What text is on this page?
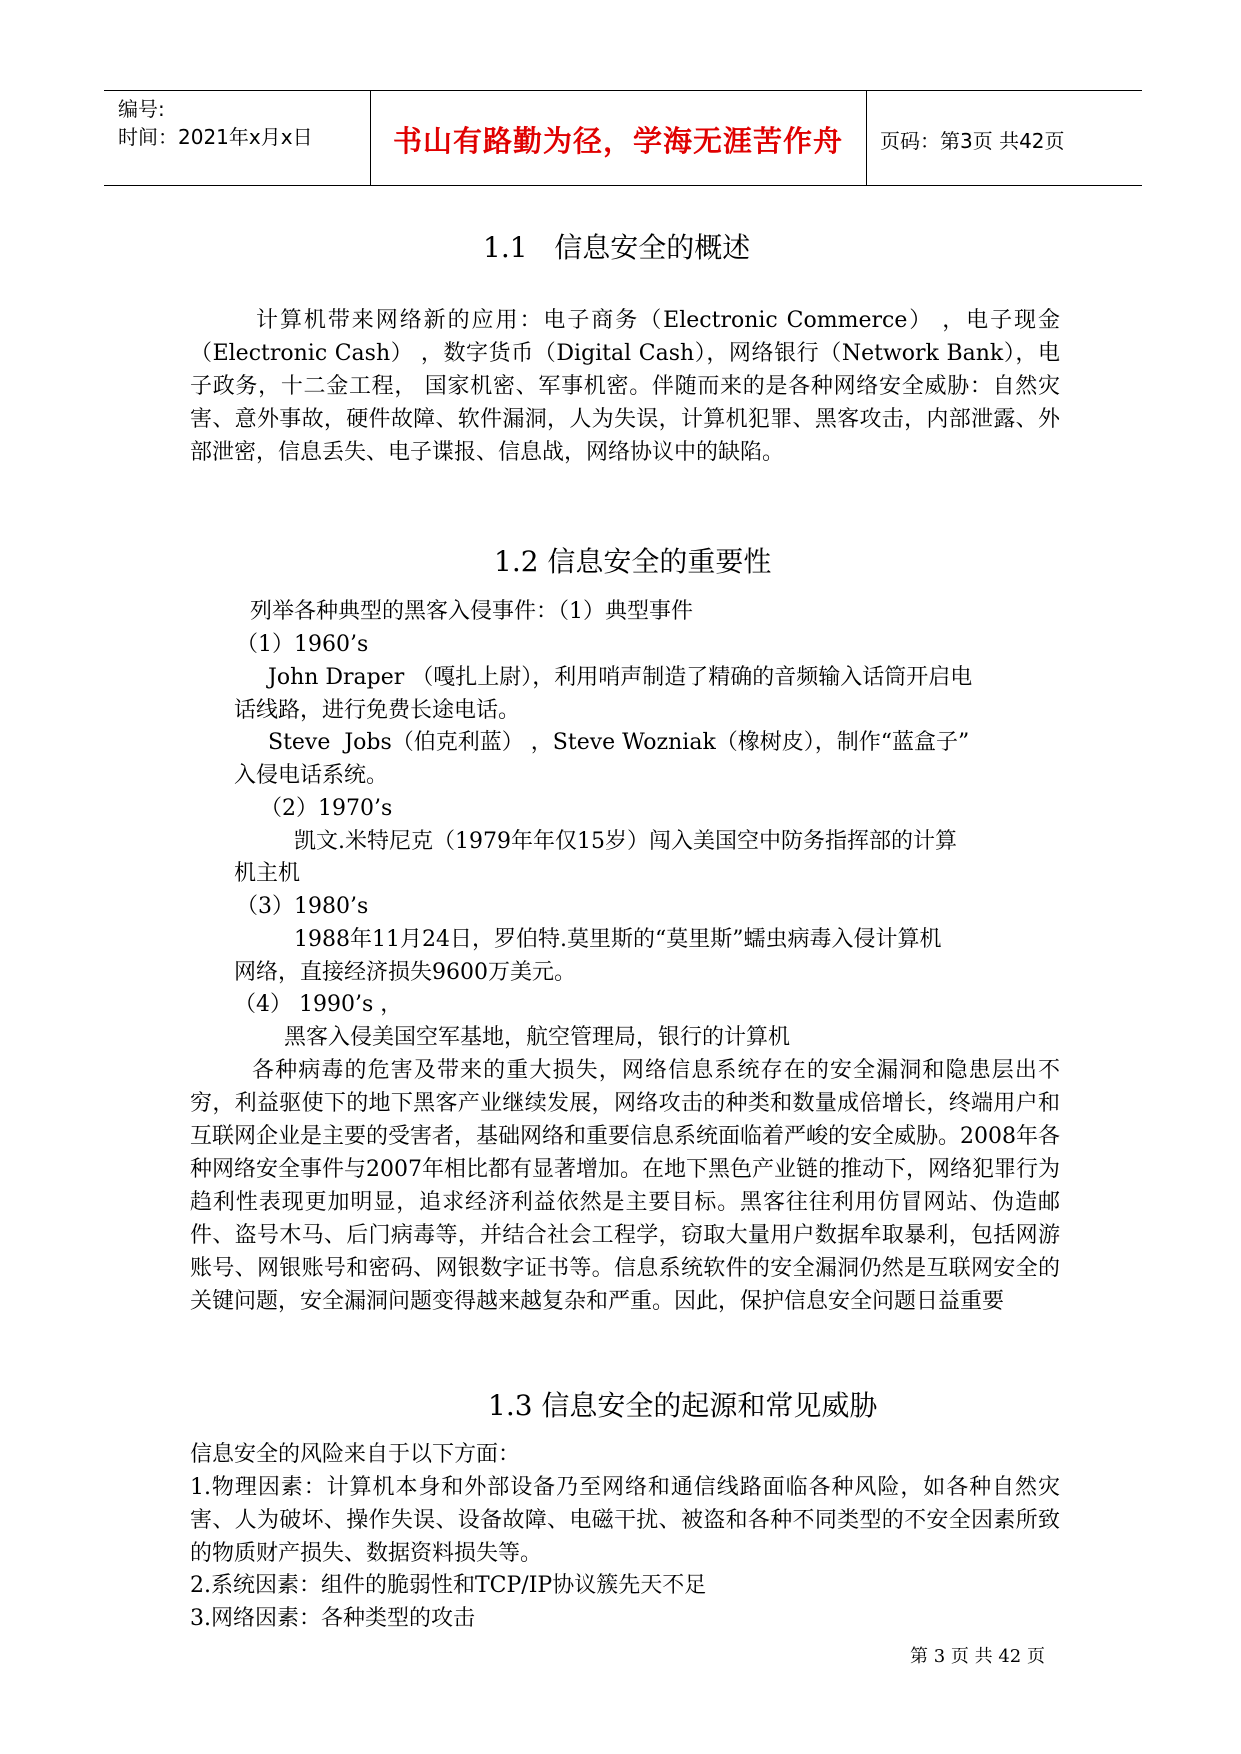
编号:
时间：2021年x月x日	书山有路勤为径，学海无涯苦作舟	页码：第3页 共42页
1.1   信息安全的概述

计算机带来网络新的应用：电子商务（Electronic Commerce） ，电子现金（Electronic Cash） ，数字货币（Digital Cash），网络银行（Network Bank），电子政务，十二金工程， 国家机密、军事机密。伴随而来的是各种网络安全威胁：自然灾害、意外事故，硬件故障、软件漏洞，人为失误，计算机犯罪、黑客攻击，内部泄露、外部泄密，信息丢失、电子谍报、信息战，网络协议中的缺陷。

1.2 信息安全的重要性
列举各种典型的黑客入侵事件：（1）典型事件
（1）1960’s
John Draper （嘎扎上尉），利用哨声制造了精确的音频输入话筒开启电
话线路，进行免费长途电话。
Steve  Jobs（伯克利蓝） ，Steve Wozniak（橡树皮），制作“蓝盒子”
入侵电话系统。
（2）1970’s
凯文.米特尼克（1979年年仅15岁）闯入美国空中防务指挥部的计算
机主机
（3）1980’s
1988年11月24日，罗伯特.莫里斯的“莫里斯”蠕虫病毒入侵计算机
网络，直接经济损失9600万美元。
（4） 1990’s ，
黑客入侵美国空军基地，航空管理局，银行的计算机

各种病毒的危害及带来的重大损失，网络信息系统存在的安全漏洞和隐患层出不穷，利益驱使下的地下黑客产业继续发展，网络攻击的种类和数量成倍增长，终端用户和互联网企业是主要的受害者，基础网络和重要信息系统面临着严峻的安全威胁。2008年各种网络安全事件与2007年相比都有显著增加。在地下黑色产业链的推动下，网络犯罪行为趋利性表现更加明显，追求经济利益依然是主要目标。黑客往往利用仿冒网站、伪造邮件、盗号木马、后门病毒等，并结合社会工程学，窃取大量用户数据牟取暴利，包括网游账号、网银账号和密码、网银数字证书等。信息系统软件的安全漏洞仍然是互联网安全的关键问题，安全漏洞问题变得越来越复杂和严重。因此，保护信息安全问题日益重要

1.3 信息安全的起源和常见威胁
信息安全的风险来自于以下方面：

1.物理因素：计算机本身和外部设备乃至网络和通信线路面临各种风险，如各种自然灾害、人为破坏、操作失误、设备故障、电磁干扰、被盗和各种不同类型的不安全因素所致的物质财产损失、数据资料损失等。

2.系统因素：组件的脆弱性和TCP/IP协议簇先天不足
3.网络因素：各种类型的攻击
第 3 页 共 42 页
